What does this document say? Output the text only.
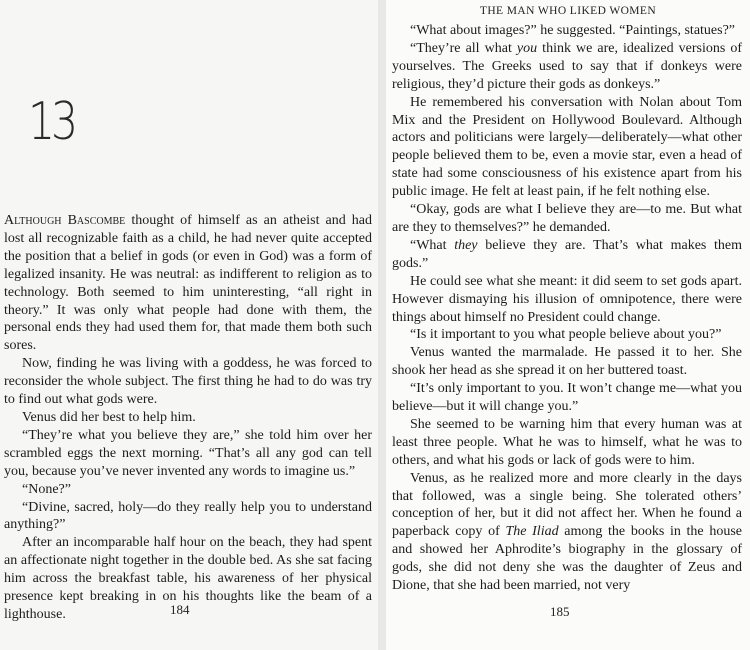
13

Although Bascombe thought of himself as an atheist and had lost all recognizable faith as a child, he had never quite accepted the position that a belief in gods (or even in God) was a form of legalized insanity. He was neutral: as indifferent to religion as to technology. Both seemed to him uninteresting, “all right in theory.” It was only what people had done with them, the personal ends they had used them for, that made them both such sores.

Now, finding he was living with a goddess, he was forced to reconsider the whole subject. The first thing he had to do was try to find out what gods were.

Venus did her best to help him.

“They’re what you believe they are,” she told him over her scrambled eggs the next morning. “That’s all any god can tell you, because you’ve never invented any words to imagine us.”

“None?”

“Divine, sacred, holy—do they really help you to understand anything?”

After an incomparable half hour on the beach, they had spent an affectionate night together in the double bed. As she sat facing him across the breakfast table, his awareness of her physical presence kept breaking in on his thoughts like the beam of a lighthouse.	184
THE MAN WHO LIKED WOMEN

“What about images?” he suggested. “Paintings, statues?”

“They’re all what you think we are, idealized versions of yourselves. The Greeks used to say that if donkeys were religious, they’d picture their gods as donkeys.”

He remembered his conversation with Nolan about Tom Mix and the President on Hollywood Boulevard. Although actors and politicians were largely—deliberately—what other people believed them to be, even a movie star, even a head of state had some consciousness of his existence apart from his public image. He felt at least pain, if he felt nothing else.

“Okay, gods are what I believe they are—to me. But what are they to themselves?” he demanded.

“What they believe they are. That’s what makes them gods.”

He could see what she meant: it did seem to set gods apart. However dismaying his illusion of omnipotence, there were things about himself no President could change.

“Is it important to you what people believe about you?”

Venus wanted the marmalade. He passed it to her. She shook her head as she spread it on her buttered toast.

“It’s only important to you. It won’t change me—what you believe—but it will change you.”

She seemed to be warning him that every human was at least three people. What he was to himself, what he was to others, and what his gods or lack of gods were to him.

Venus, as he realized more and more clearly in the days that followed, was a single being. She tolerated others’ conception of her, but it did not affect her. When he found a paperback copy of The Iliad among the books in the house and showed her Aphrodite’s biography in the glossary of gods, she did not deny she was the daughter of Zeus and Dione, that she had been married, not very

185
